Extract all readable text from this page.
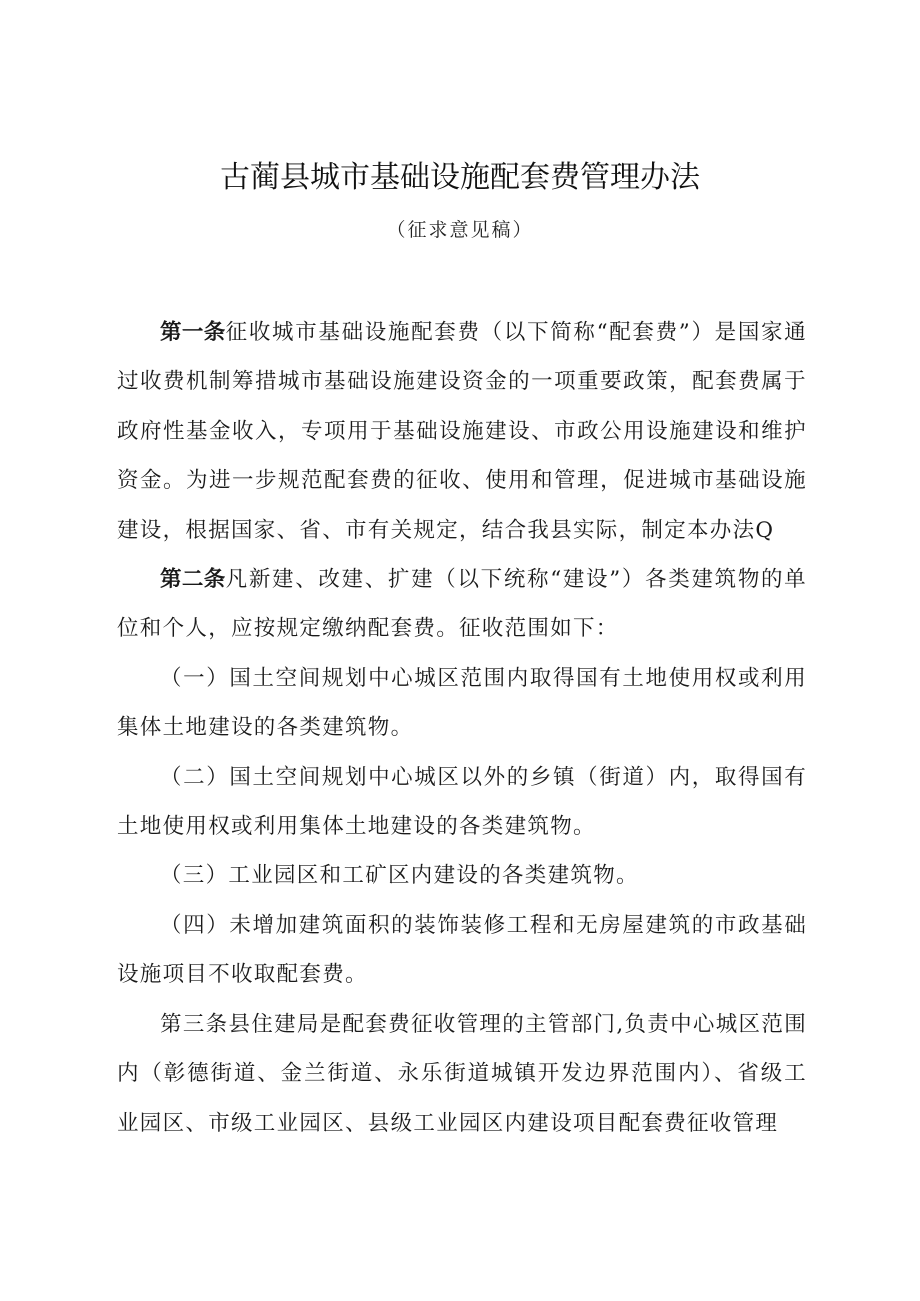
古蔺县城市基础设施配套费管理办法
（征求意见稿）

第一条征收城市基础设施配套费（以下简称“配套费”）是国家通过收费机制筹措城市基础设施建设资金的一项重要政策，配套费属于政府性基金收入，专项用于基础设施建设、市政公用设施建设和维护资金。为进一步规范配套费的征收、使用和管理，促进城市基础设施建设，根据国家、省、市有关规定，结合我县实际，制定本办法Q

第二条凡新建、改建、扩建（以下统称“建设”）各类建筑物的单位和个人，应按规定缴纳配套费。征收范围如下：

（一）国土空间规划中心城区范围内取得国有土地使用权或利用集体土地建设的各类建筑物。

（二）国土空间规划中心城区以外的乡镇（街道）内，取得国有土地使用权或利用集体土地建设的各类建筑物。

（三）工业园区和工矿区内建设的各类建筑物。

（四）未增加建筑面积的装饰装修工程和无房屋建筑的市政基础设施项目不收取配套费。

第三条县住建局是配套费征收管理的主管部门,负责中心城区范围内（彰德街道、金兰街道、永乐街道城镇开发边界范围内）、省级工业园区、市级工业园区、县级工业园区内建设项目配套费征收管理
